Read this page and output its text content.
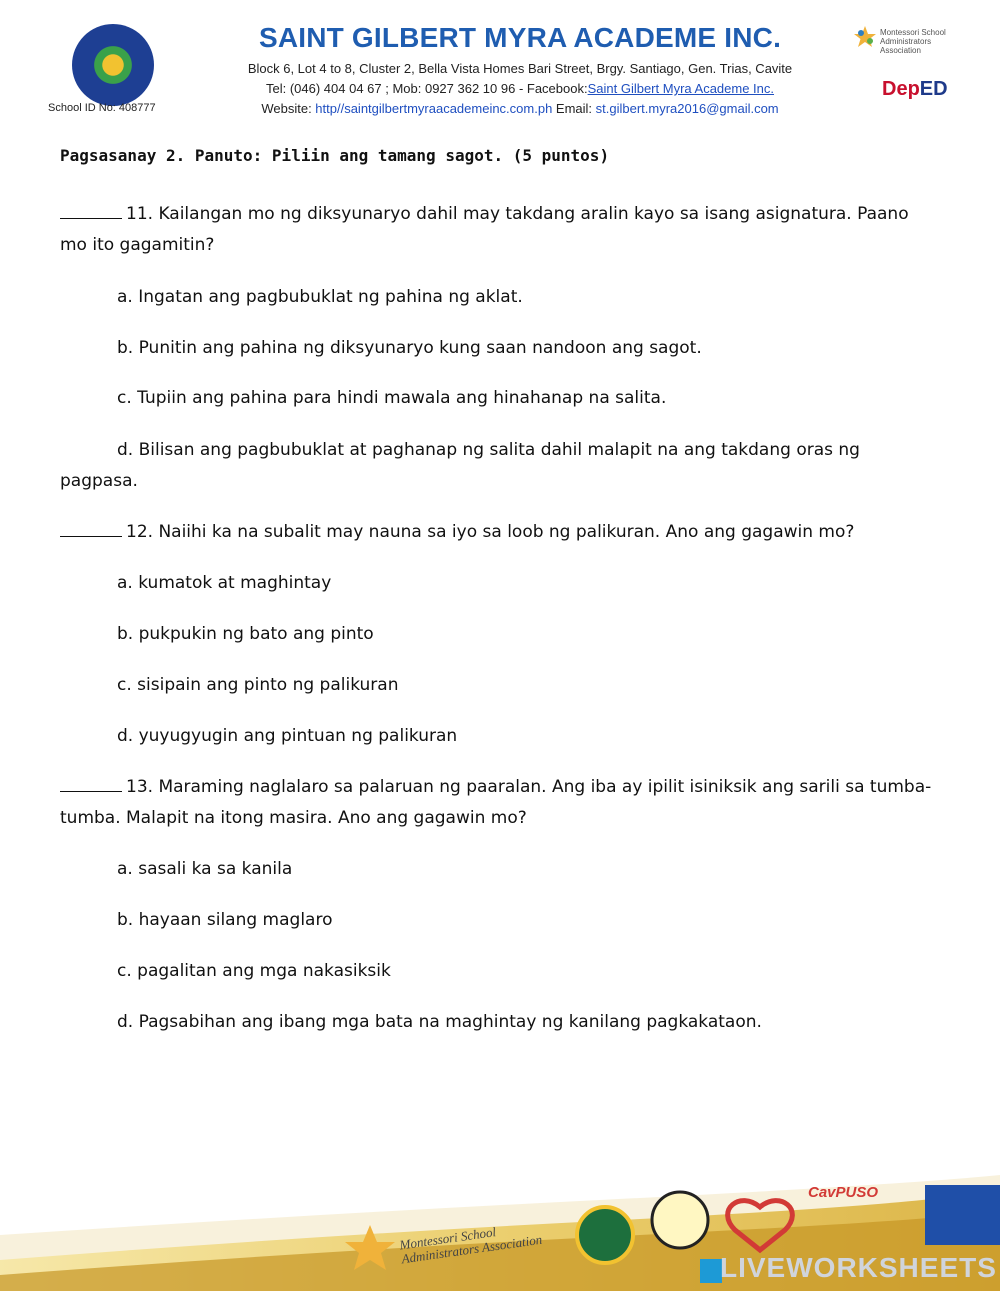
School ID No: 408777
SAINT GILBERT MYRA ACADEME INC.
Block 6, Lot 4 to 8, Cluster 2, Bella Vista Homes Bari Street, Brgy. Santiago, Gen. Trias, Cavite
Tel: (046) 404 04 67 ; Mob: 0927 362 10 96 - Facebook:Saint Gilbert Myra Academe Inc.
Website: http//saintgilbertmyraacademeinc.com.ph Email: st.gilbert.myra2016@gmail.com
Montessori School Administrators Association
DepED
Pagsasanay 2. Panuto: Piliin ang tamang sagot. (5 puntos)
11. Kailangan mo ng diksyunaryo dahil may takdang aralin kayo sa isang asignatura. Paano mo ito gagamitin?
a. Ingatan ang pagbubuklat ng pahina ng aklat.
b. Punitin ang pahina ng diksyunaryo kung saan nandoon ang sagot.
c. Tupiin ang pahina para hindi mawala ang hinahanap na salita.
d. Bilisan ang pagbubuklat at paghanap ng salita dahil malapit na ang takdang oras ng pagpasa.
12. Naiihi ka na subalit may nauna sa iyo sa loob ng palikuran. Ano ang gagawin mo?
a. kumatok at maghintay
b. pukpukin ng bato ang pinto
c. sisipain ang pinto ng palikuran
d. yuyugyugin ang pintuan ng palikuran
13. Maraming naglalaro sa palaruan ng paaralan. Ang iba ay ipilit isiniksik ang sarili sa tumba-tumba. Malapit na itong masira. Ano ang gagawin mo?
a. sasali ka sa kanila
b. hayaan silang maglaro
c. pagalitan ang mga nakasiksik
d. Pagsabihan ang ibang mga bata na maghintay ng kanilang pagkakataon.
Montessori School Administrators Association
CavPUSO
LIVEWORKSHEETS
